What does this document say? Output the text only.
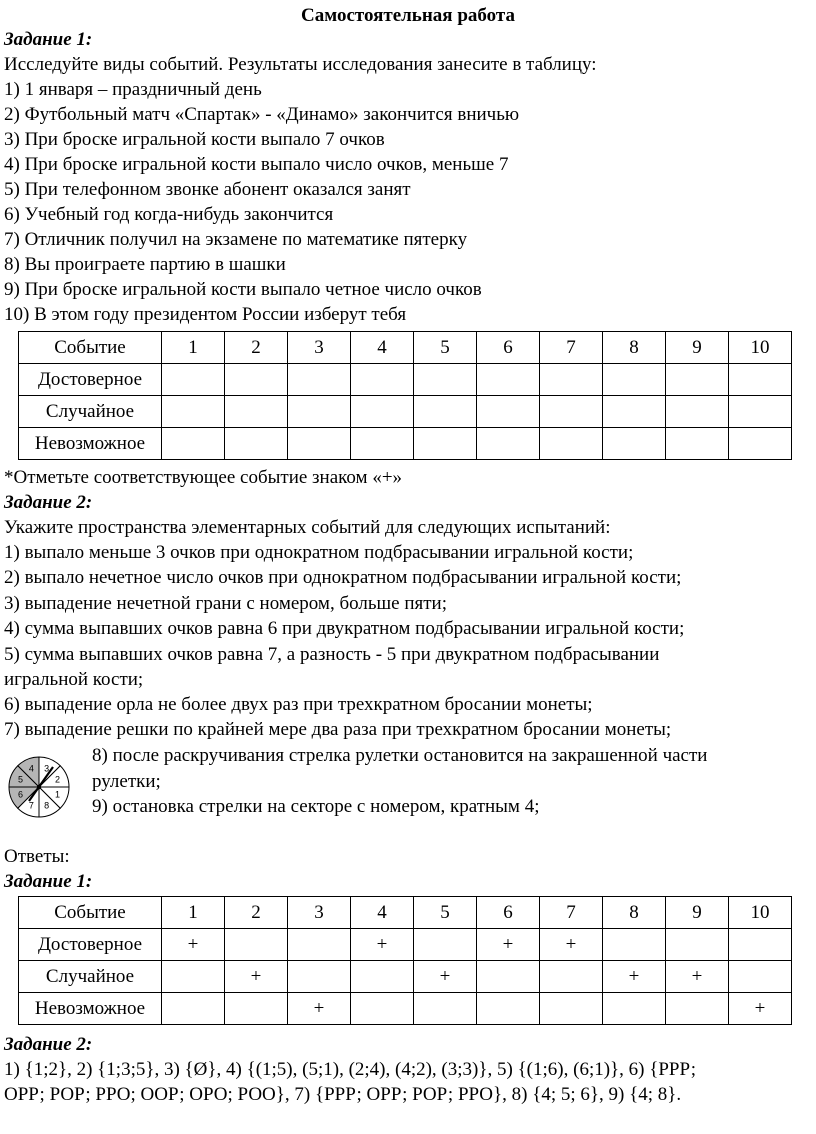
Самостоятельная работа
Задание 1:
Исследуйте виды событий. Результаты исследования занесите в таблицу:
1) 1 января – праздничный день
2) Футбольный матч «Спартак» - «Динамо» закончится вничью
3) При броске игральной кости выпало 7 очков
4) При броске игральной кости выпало число очков, меньше 7
5) При телефонном звонке абонент оказался занят
6) Учебный год когда-нибудь закончится
7) Отличник получил на экзамене по математике пятерку
8) Вы проиграете партию в шашки
9) При броске игральной кости выпало четное число очков
10) В этом году президентом России изберут тебя
Событие	1	2	3	4	5	6	7	8	9	10
Достоверное										
Случайное										
Невозможное										
*Отметьте соответствующее событие знаком «+»
Задание 2:
Укажите пространства элементарных событий для следующих испытаний:
1) выпало меньше 3 очков при однократном подбрасывании игральной кости;
2) выпало нечетное число очков при однократном подбрасывании игральной кости;
3) выпадение нечетной грани с номером, больше пяти;
4) сумма выпавших очков равна 6 при двукратном подбрасывании игральной кости;
5) сумма выпавших очков равна 7, а разность - 5 при двукратном подбрасывании
игральной кости;
6) выпадение орла не более двух раз при трехкратном бросании монеты;
7) выпадение решки по крайней мере два раза при трехкратном бросании монеты;
1
2
3
4
5
6
7 8
8) после раскручивания стрелка рулетки остановится на закрашенной части
рулетки;
9) остановка стрелки на секторе с номером, кратным 4;
Ответы:
Задание 1:
Событие	1	2	3	4	5	6	7	8	9	10
Достоверное	+			+		+	+			
Случайное		+			+			+	+	
Невозможное			+							+
Задание 2:
1) {1;2}, 2) {1;3;5}, 3) {Ø}, 4) {(1;5), (5;1), (2;4), (4;2), (3;3)}, 5) {(1;6), (6;1)}, 6) {РРР;
ОРР; РОР; РРО; ООР; ОРО; РОО}, 7) {РРР; ОРР; РОР; РРО}, 8) {4; 5; 6}, 9) {4; 8}.
